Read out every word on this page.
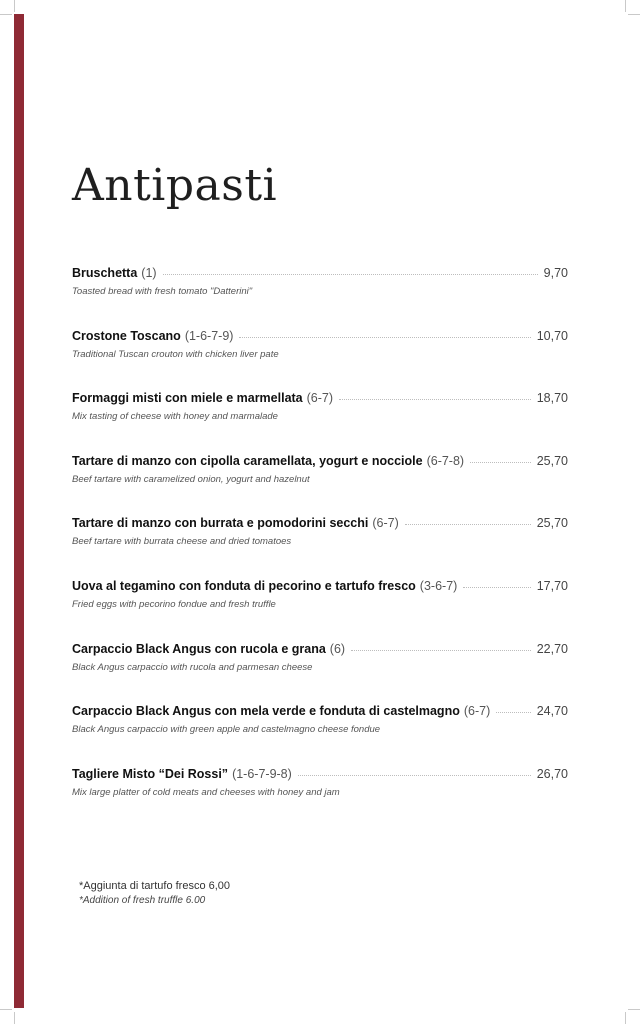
Antipasti
Bruschetta (1)	9,70
Toasted bread with fresh tomato "Datterini"
Crostone Toscano (1-6-7-9)	10,70
Traditional Tuscan crouton with chicken liver pate
Formaggi misti con miele e marmellata (6-7)	18,70
Mix tasting of cheese with honey and marmalade
Tartare di manzo con cipolla caramellata, yogurt e nocciole (6-7-8)	25,70
Beef tartare with caramelized onion, yogurt and hazelnut
Tartare di manzo con burrata e pomodorini secchi (6-7)	25,70
Beef tartare with burrata cheese and dried tomatoes
Uova al tegamino con fonduta di pecorino e tartufo fresco (3-6-7)	17,70
Fried eggs with pecorino fondue and fresh truffle
Carpaccio Black Angus con rucola e grana (6)	22,70
Black Angus carpaccio with rucola and parmesan cheese
Carpaccio Black Angus con mela verde e fonduta di castelmagno (6-7)	24,70
Black Angus carpaccio with green apple and castelmagno cheese fondue
Tagliere Misto “Dei Rossi” (1-6-7-9-8)	26,70
Mix large platter of cold meats and cheeses with honey and jam
*Aggiunta di tartufo fresco 6,00
*Addition of fresh truffle 6.00
